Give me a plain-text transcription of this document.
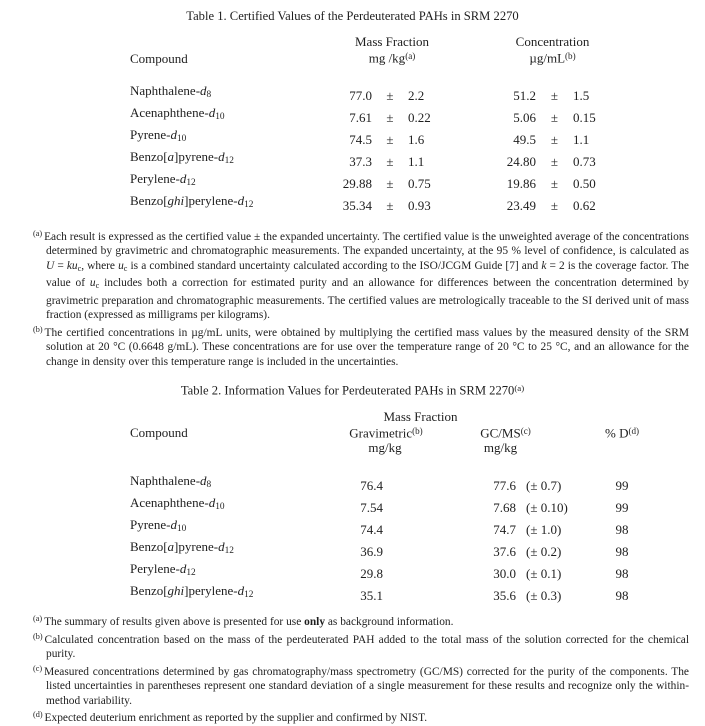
Table 1. Certified Values of the Perdeuterated PAHs in SRM 2270
	Mass Fraction				Concentration		
Compound	mg $/kg^{(a)}$				$\mu g/mL^{(b)}$

Naphthalene-d8	77.0	±	2.2		51.2	±	1.5
Acenaphthene-d10	7.61	±	0.22		5.06	±	0.15
Pyrene-d10	74.5	±	1.6		49.5	±	1.1
Benzo[a]pyrene-d12	37.3	±	1.1		24.80	±	0.73
Perylene-d12	29.88	±	0.75		19.86	±	0.50
Benzo[ghi]perylene-d12	35.34	±	0.93		23.49	±	0.62
$^{(a)}$ Each result is expressed as the certified value ± the expanded uncertainty. The certified value is the unweighted average of the concentrations determined by gravimetric and chromatographic measurements. The expanded uncertainty, at the 95 % level of confidence, is calculated as U = kuc, where uc is a combined standard uncertainty calculated according to the ISO/JCGM Guide [7] and k = 2 is the coverage factor. The value of uc includes both a correction for estimated purity and an allowance for differences between the concentration determined by gravimetric preparation and chromatographic measurements. The certified values are metrologically traceable to the SI derived unit of mass fraction (expressed as milligrams per kilograms).
$^{(b)}$ The certified concentrations in µg/mL units, were obtained by multiplying the certified mass values by the measured density of the SRM solution at 20 °C (0.6648 g/mL). These concentrations are for use over the temperature range of 20 °C to 25 °C, and an allowance for the change in density over this temperature range is included in the uncertainties.
Table 2. Information Values for Perdeuterated PAHs in SRM 2270$^{(a)}$
	Mass Fraction				
Compound	Gravimetric$^{(b)}$		GC/MS$^{(c)}$		% $D^{(d)}$
	mg/kg		mg/kg		

Naphthalene-d8	76.4		77.6	(± 0.7)	99
Acenaphthene-d10	7.54		7.68	(± 0.10)	99
Pyrene-d10	74.4		74.7	(± 1.0)	98
Benzo[a]pyrene-d12	36.9		37.6	(± 0.2)	98
Perylene-d12	29.8		30.0	(± 0.1)	98
Benzo[ghi]perylene-d12	35.1		35.6	(± 0.3)	98
$^{(a)}$ The summary of results given above is presented for use only as background information.
$^{(b)}$ Calculated concentration based on the mass of the perdeuterated PAH added to the total mass of the solution corrected for the chemical purity.
$^{(c)}$ Measured concentrations determined by gas chromatography/mass spectrometry (GC/MS) corrected for the purity of the components. The listed uncertainties in parentheses represent one standard deviation of a single measurement for these results and recognize only the within-method variability.
$^{(d)}$ Expected deuterium enrichment as reported by the supplier and confirmed by NIST.
